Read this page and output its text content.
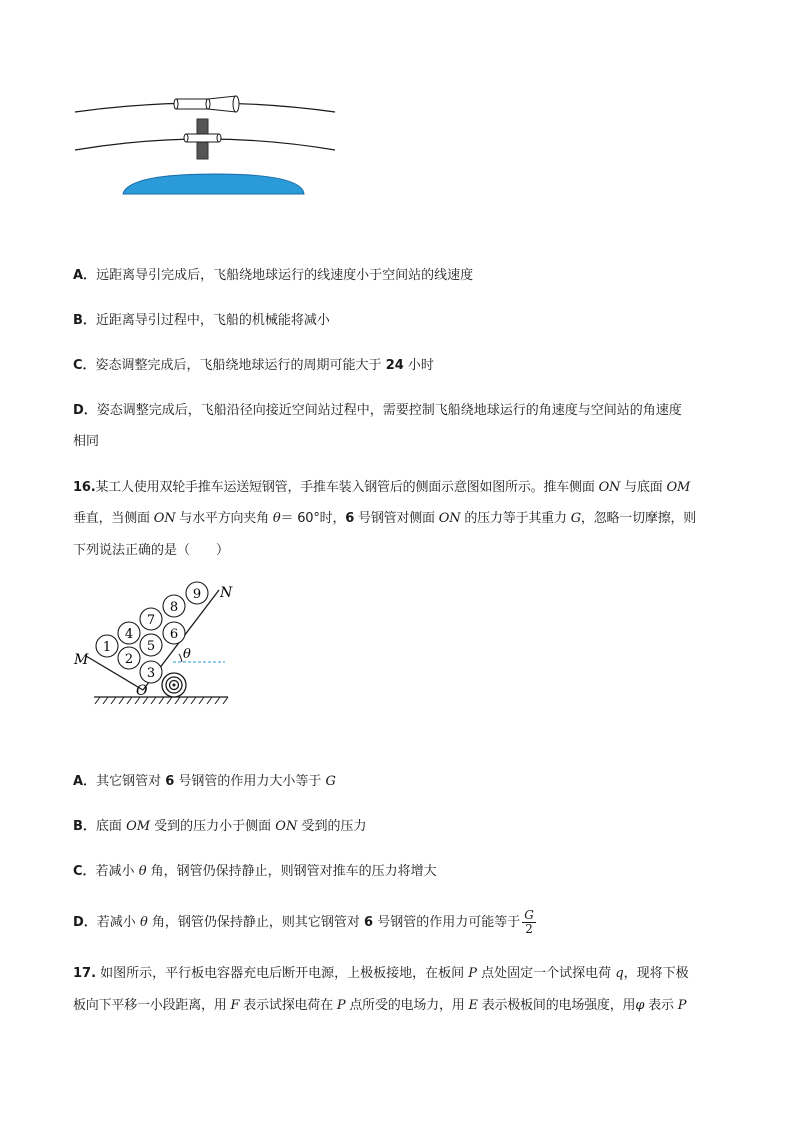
A．远距离导引完成后，飞船绕地球运行的线速度小于空间站的线速度
B．近距离导引过程中，飞船的机械能将减小
C．姿态调整完成后，飞船绕地球运行的周期可能大于 24 小时
D．姿态调整完成后，飞船沿径向接近空间站过程中，需要控制飞船绕地球运行的角速度与空间站的角速度
相同
16.某工人使用双轮手推车运送短钢管，手推车装入钢管后的侧面示意图如图所示。推车侧面 ON 与底面 OM
垂直，当侧面 ON 与水平方向夹角 θ＝ 60°时，6 号钢管对侧面 ON 的压力等于其重力 G，忽略一切摩擦，则
下列说法正确的是（　　）
1
2
3
4
5
6
7
8
9
M
N
O
θ
A．其它钢管对 6 号钢管的作用力大小等于 G
B．底面 OM 受到的压力小于侧面 ON 受到的压力
C．若减小 θ 角，钢管仍保持静止，则钢管对推车的压力将增大
D．若减小 θ 角，钢管仍保持静止，则其它钢管对 6 号钢管的作用力可能等于 $\frac{G}{2}$
17. 如图所示，平行板电容器充电后断开电源，上极板接地，在板间 P 点处固定一个试探电荷 q，现将下极
板向下平移一小段距离，用 F 表示试探电荷在 P 点所受的电场力，用 E 表示极板间的电场强度，用φ 表示 P
